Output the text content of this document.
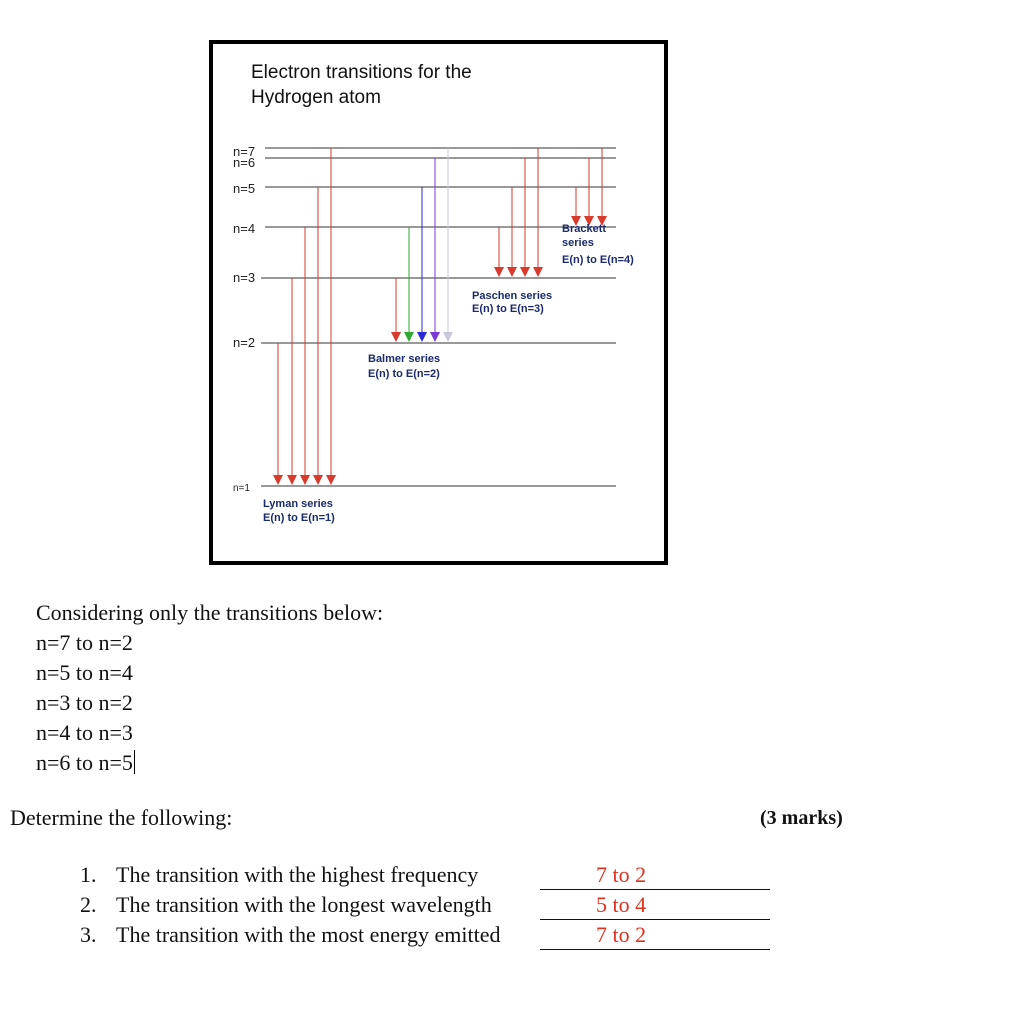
Electron transitions for the
Hydrogen atom
n=7
n=6
n=5
n=4
n=3
n=2
n=1
Lyman series
E(n) to E(n=1)
Balmer series
E(n) to E(n=2)
Paschen series
E(n) to E(n=3)
Brackett
series
E(n) to E(n=4)
Considering only the transitions below:
n=7 to n=2
n=5 to n=4
n=3 to n=2
n=4 to n=3
n=6 to n=5
Determine the following:	(3 marks)
1. The transition with the highest frequency	7 to 2
2. The transition with the longest wavelength	5 to 4
3. The transition with the most energy emitted	7 to 2
